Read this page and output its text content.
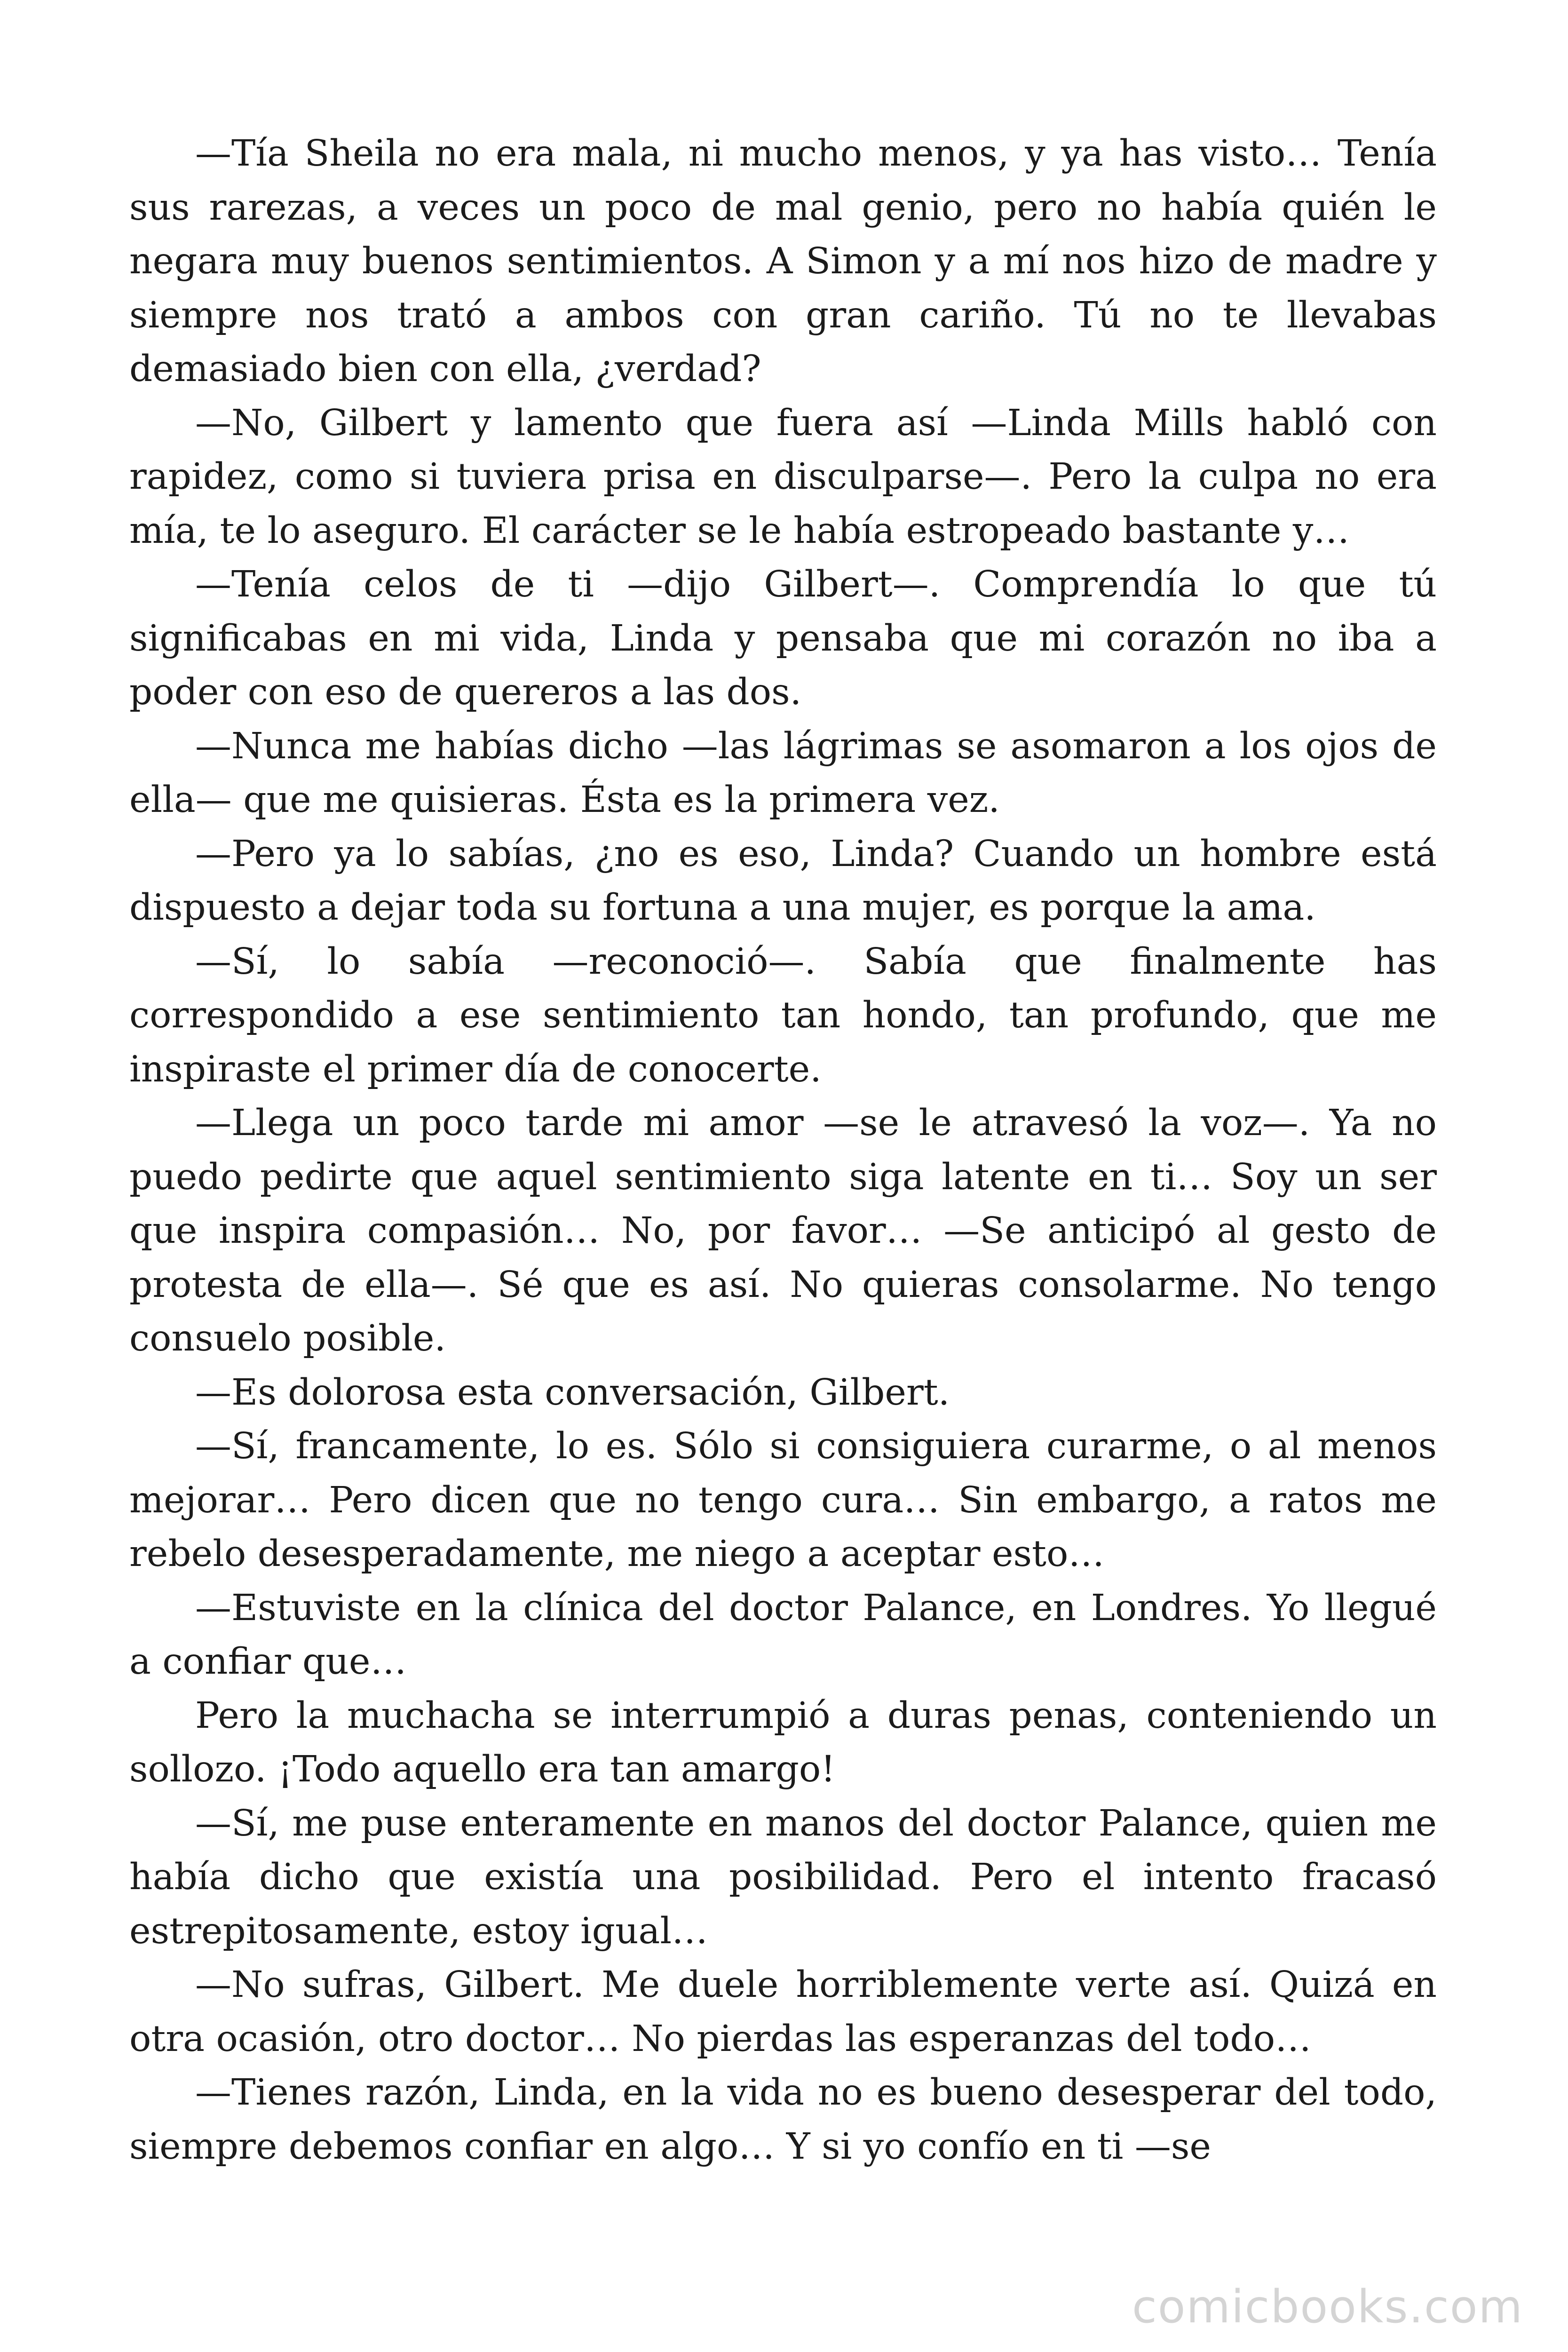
—Tía Sheila no era mala, ni mucho menos, y ya has visto… Tenía sus rarezas, a veces un poco de mal genio, pero no había quién le negara muy buenos sentimientos. A Simon y a mí nos hizo de madre y siempre nos trató a ambos con gran cariño. Tú no te llevabas demasiado bien con ella, ¿verdad?

—No, Gilbert y lamento que fuera así —Linda Mills habló con rapidez, como si tuviera prisa en disculparse—. Pero la culpa no era mía, te lo aseguro. El carácter se le había estropeado bastante y…

—Tenía celos de ti —dijo Gilbert—. Comprendía lo que tú significabas en mi vida, Linda y pensaba que mi corazón no iba a poder con eso de quereros a las dos.

—Nunca me habías dicho —las lágrimas se asomaron a los ojos de ella— que me quisieras. Ésta es la primera vez.

—Pero ya lo sabías, ¿no es eso, Linda? Cuando un hombre está dispuesto a dejar toda su fortuna a una mujer, es porque la ama.

—Sí, lo sabía —reconoció—. Sabía que finalmente has correspondido a ese sentimiento tan hondo, tan profundo, que me inspiraste el primer día de conocerte.

—Llega un poco tarde mi amor —se le atravesó la voz—. Ya no puedo pedirte que aquel sentimiento siga latente en ti… Soy un ser que inspira compasión… No, por favor… —Se anticipó al gesto de protesta de ella—. Sé que es así. No quieras consolarme. No tengo consuelo posible.

—Es dolorosa esta conversación, Gilbert.

—Sí, francamente, lo es. Sólo si consiguiera curarme, o al menos mejorar… Pero dicen que no tengo cura… Sin embargo, a ratos me rebelo desesperadamente, me niego a aceptar esto…

—Estuviste en la clínica del doctor Palance, en Londres. Yo llegué a confiar que…

Pero la muchacha se interrumpió a duras penas, conteniendo un sollozo. ¡Todo aquello era tan amargo!

—Sí, me puse enteramente en manos del doctor Palance, quien me había dicho que existía una posibilidad. Pero el intento fracasó estrepitosamente, estoy igual…

—No sufras, Gilbert. Me duele horriblemente verte así. Quizá en otra ocasión, otro doctor… No pierdas las esperanzas del todo…

—Tienes razón, Linda, en la vida no es bueno desesperar del todo, siempre debemos confiar en algo… Y si yo confío en ti —se

comicbooks.com
